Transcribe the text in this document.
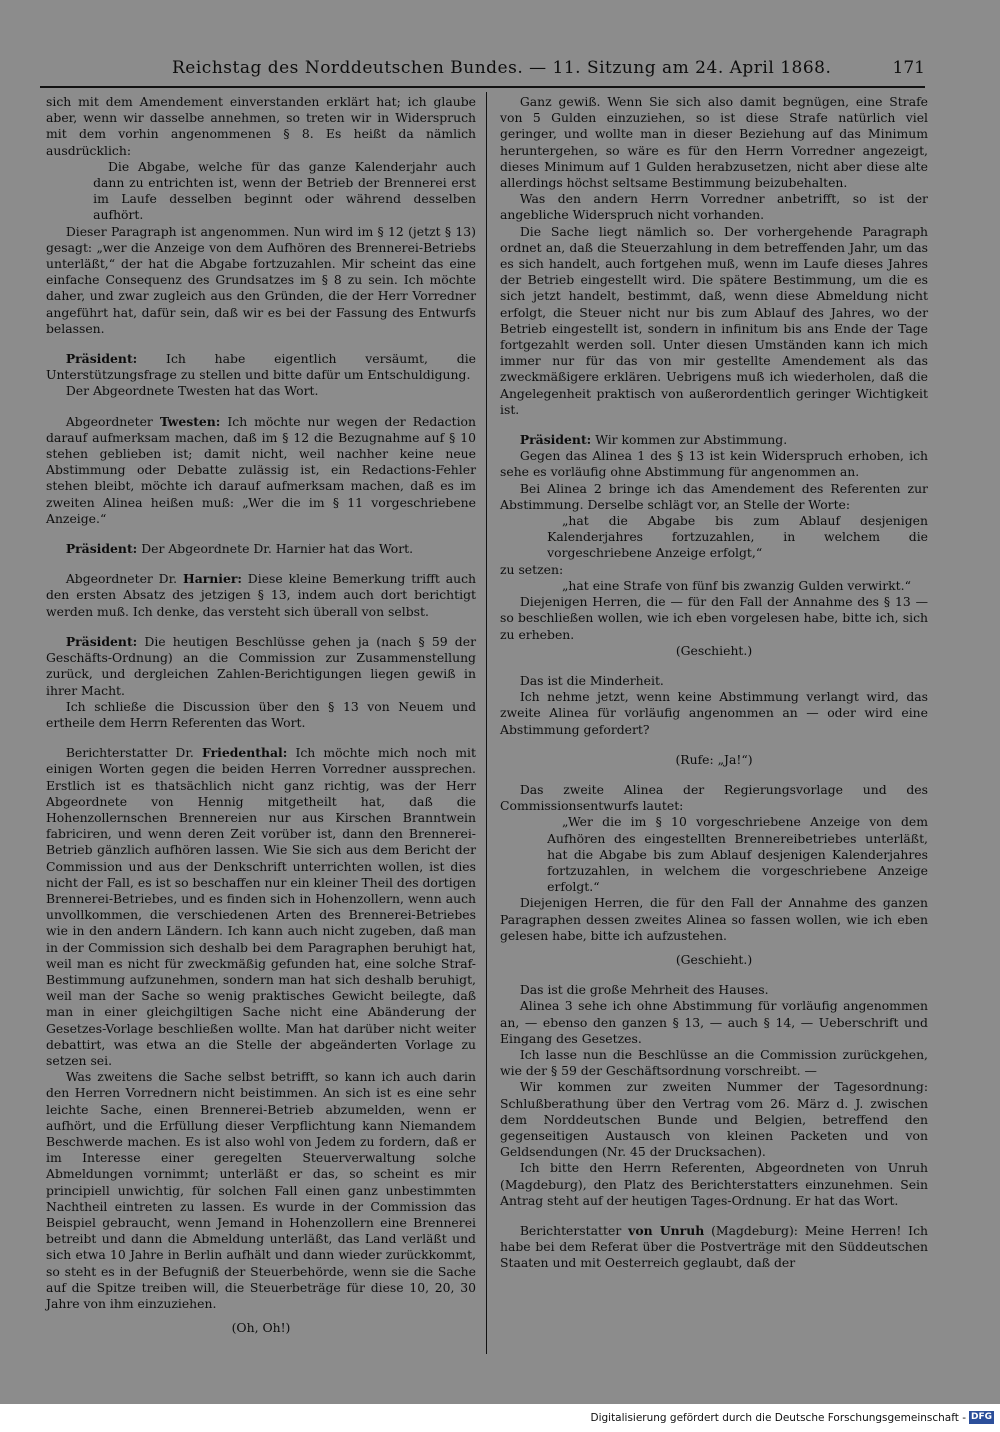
Reichstag des Norddeutschen Bundes. — 11. Sitzung am 24. April 1868.	171

sich mit dem Amendement einverstanden erklärt hat; ich glaube aber, wenn wir dasselbe annehmen, so treten wir in Widerspruch mit dem vorhin angenommenen § 8. Es heißt da nämlich ausdrücklich:

Die Abgabe, welche für das ganze Kalenderjahr auch dann zu entrichten ist, wenn der Betrieb der Brennerei erst im Laufe desselben beginnt oder während desselben aufhört.

Dieser Paragraph ist angenommen. Nun wird im § 12 (jetzt § 13) gesagt: „wer die Anzeige von dem Aufhören des Brennerei-Betriebs unterläßt,“ der hat die Abgabe fortzuzahlen. Mir scheint das eine einfache Consequenz des Grundsatzes im § 8 zu sein. Ich möchte daher, und zwar zugleich aus den Gründen, die der Herr Vorredner angeführt hat, dafür sein, daß wir es bei der Fassung des Entwurfs belassen.

Präsident: Ich habe eigentlich versäumt, die Unterstützungsfrage zu stellen und bitte dafür um Entschuldigung.

Der Abgeordnete Twesten hat das Wort.

Abgeordneter Twesten: Ich möchte nur wegen der Redaction darauf aufmerksam machen, daß im § 12 die Bezugnahme auf § 10 stehen geblieben ist; damit nicht, weil nachher keine neue Abstimmung oder Debatte zulässig ist, ein Redactions-Fehler stehen bleibt, möchte ich darauf aufmerksam machen, daß es im zweiten Alinea heißen muß: „Wer die im § 11 vorgeschriebene Anzeige.“

Präsident: Der Abgeordnete Dr. Harnier hat das Wort.

Abgeordneter Dr. Harnier: Diese kleine Bemerkung trifft auch den ersten Absatz des jetzigen § 13, indem auch dort berichtigt werden muß. Ich denke, das versteht sich überall von selbst.

Präsident: Die heutigen Beschlüsse gehen ja (nach § 59 der Geschäfts-Ordnung) an die Commission zur Zusammenstellung zurück, und dergleichen Zahlen-Berichtigungen liegen gewiß in ihrer Macht.

Ich schließe die Discussion über den § 13 von Neuem und ertheile dem Herrn Referenten das Wort.

Berichterstatter Dr. Friedenthal: Ich möchte mich noch mit einigen Worten gegen die beiden Herren Vorredner aussprechen. Erstlich ist es thatsächlich nicht ganz richtig, was der Herr Abgeordnete von Hennig mitgetheilt hat, daß die Hohenzollernschen Brennereien nur aus Kirschen Branntwein fabriciren, und wenn deren Zeit vorüber ist, dann den Brennerei-Betrieb gänzlich aufhören lassen. Wie Sie sich aus dem Bericht der Commission und aus der Denkschrift unterrichten wollen, ist dies nicht der Fall, es ist so beschaffen nur ein kleiner Theil des dortigen Brennerei-Betriebes, und es finden sich in Hohenzollern, wenn auch unvollkommen, die verschiedenen Arten des Brennerei-Betriebes wie in den andern Ländern. Ich kann auch nicht zugeben, daß man in der Commission sich deshalb bei dem Paragraphen beruhigt hat, weil man es nicht für zweckmäßig gefunden hat, eine solche Straf-Bestimmung aufzunehmen, sondern man hat sich deshalb beruhigt, weil man der Sache so wenig praktisches Gewicht beilegte, daß man in einer gleichgiltigen Sache nicht eine Abänderung der Gesetzes-Vorlage beschließen wollte. Man hat darüber nicht weiter debattirt, was etwa an die Stelle der abgeänderten Vorlage zu setzen sei.

Was zweitens die Sache selbst betrifft, so kann ich auch darin den Herren Vorrednern nicht beistimmen. An sich ist es eine sehr leichte Sache, einen Brennerei-Betrieb abzumelden, wenn er aufhört, und die Erfüllung dieser Verpflichtung kann Niemandem Beschwerde machen. Es ist also wohl von Jedem zu fordern, daß er im Interesse einer geregelten Steuerverwaltung solche Abmeldungen vornimmt; unterläßt er das, so scheint es mir principiell unwichtig, für solchen Fall einen ganz unbestimmten Nachtheil eintreten zu lassen. Es wurde in der Commission das Beispiel gebraucht, wenn Jemand in Hohenzollern eine Brennerei betreibt und dann die Abmeldung unterläßt, das Land verläßt und sich etwa 10 Jahre in Berlin aufhält und dann wieder zurückkommt, so steht es in der Befugniß der Steuerbehörde, wenn sie die Sache auf die Spitze treiben will, die Steuerbeträge für diese 10, 20, 30 Jahre von ihm einzuziehen.

(Oh, Oh!)

Ganz gewiß. Wenn Sie sich also damit begnügen, eine Strafe von 5 Gulden einzuziehen, so ist diese Strafe natürlich viel geringer, und wollte man in dieser Beziehung auf das Minimum heruntergehen, so wäre es für den Herrn Vorredner angezeigt, dieses Minimum auf 1 Gulden herabzusetzen, nicht aber diese alte allerdings höchst seltsame Bestimmung beizubehalten.

Was den andern Herrn Vorredner anbetrifft, so ist der angebliche Widerspruch nicht vorhanden.

Die Sache liegt nämlich so. Der vorhergehende Paragraph ordnet an, daß die Steuerzahlung in dem betreffenden Jahr, um das es sich handelt, auch fortgehen muß, wenn im Laufe dieses Jahres der Betrieb eingestellt wird. Die spätere Bestimmung, um die es sich jetzt handelt, bestimmt, daß, wenn diese Abmeldung nicht erfolgt, die Steuer nicht nur bis zum Ablauf des Jahres, wo der Betrieb eingestellt ist, sondern in infinitum bis ans Ende der Tage fortgezahlt werden soll. Unter diesen Umständen kann ich mich immer nur für das von mir gestellte Amendement als das zweckmäßigere erklären. Uebrigens muß ich wiederholen, daß die Angelegenheit praktisch von außerordentlich geringer Wichtigkeit ist.

Präsident: Wir kommen zur Abstimmung.

Gegen das Alinea 1 des § 13 ist kein Widerspruch erhoben, ich sehe es vorläufig ohne Abstimmung für angenommen an.

Bei Alinea 2 bringe ich das Amendement des Referenten zur Abstimmung. Derselbe schlägt vor, an Stelle der Worte:

„hat die Abgabe bis zum Ablauf desjenigen Kalenderjahres fortzuzahlen, in welchem die vorgeschriebene Anzeige erfolgt,“

zu setzen:

„hat eine Strafe von fünf bis zwanzig Gulden verwirkt.“

Diejenigen Herren, die — für den Fall der Annahme des § 13 — so beschließen wollen, wie ich eben vorgelesen habe, bitte ich, sich zu erheben.

(Geschieht.)

Das ist die Minderheit.

Ich nehme jetzt, wenn keine Abstimmung verlangt wird, das zweite Alinea für vorläufig angenommen an — oder wird eine Abstimmung gefordert?

(Rufe: „Ja!“)

Das zweite Alinea der Regierungsvorlage und des Commissionsentwurfs lautet:

„Wer die im § 10 vorgeschriebene Anzeige von dem Aufhören des eingestellten Brennereibetriebes unterläßt, hat die Abgabe bis zum Ablauf desjenigen Kalenderjahres fortzuzahlen, in welchem die vorgeschriebene Anzeige erfolgt.“

Diejenigen Herren, die für den Fall der Annahme des ganzen Paragraphen dessen zweites Alinea so fassen wollen, wie ich eben gelesen habe, bitte ich aufzustehen.

(Geschieht.)

Das ist die große Mehrheit des Hauses.

Alinea 3 sehe ich ohne Abstimmung für vorläufig angenommen an, — ebenso den ganzen § 13, — auch § 14, — Ueberschrift und Eingang des Gesetzes.

Ich lasse nun die Beschlüsse an die Commission zurückgehen, wie der § 59 der Geschäftsordnung vorschreibt. —

Wir kommen zur zweiten Nummer der Tagesordnung: Schlußberathung über den Vertrag vom 26. März d. J. zwischen dem Norddeutschen Bunde und Belgien, betreffend den gegenseitigen Austausch von kleinen Packeten und von Geldsendungen (Nr. 45 der Drucksachen).

Ich bitte den Herrn Referenten, Abgeordneten von Unruh (Magdeburg), den Platz des Berichterstatters einzunehmen. Sein Antrag steht auf der heutigen Tages-Ordnung. Er hat das Wort.

Berichterstatter von Unruh (Magdeburg): Meine Herren! Ich habe bei dem Referat über die Postverträge mit den Süddeutschen Staaten und mit Oesterreich geglaubt, daß der

Digitalisierung gefördert durch die Deutsche Forschungsgemeinschaft - DFG
